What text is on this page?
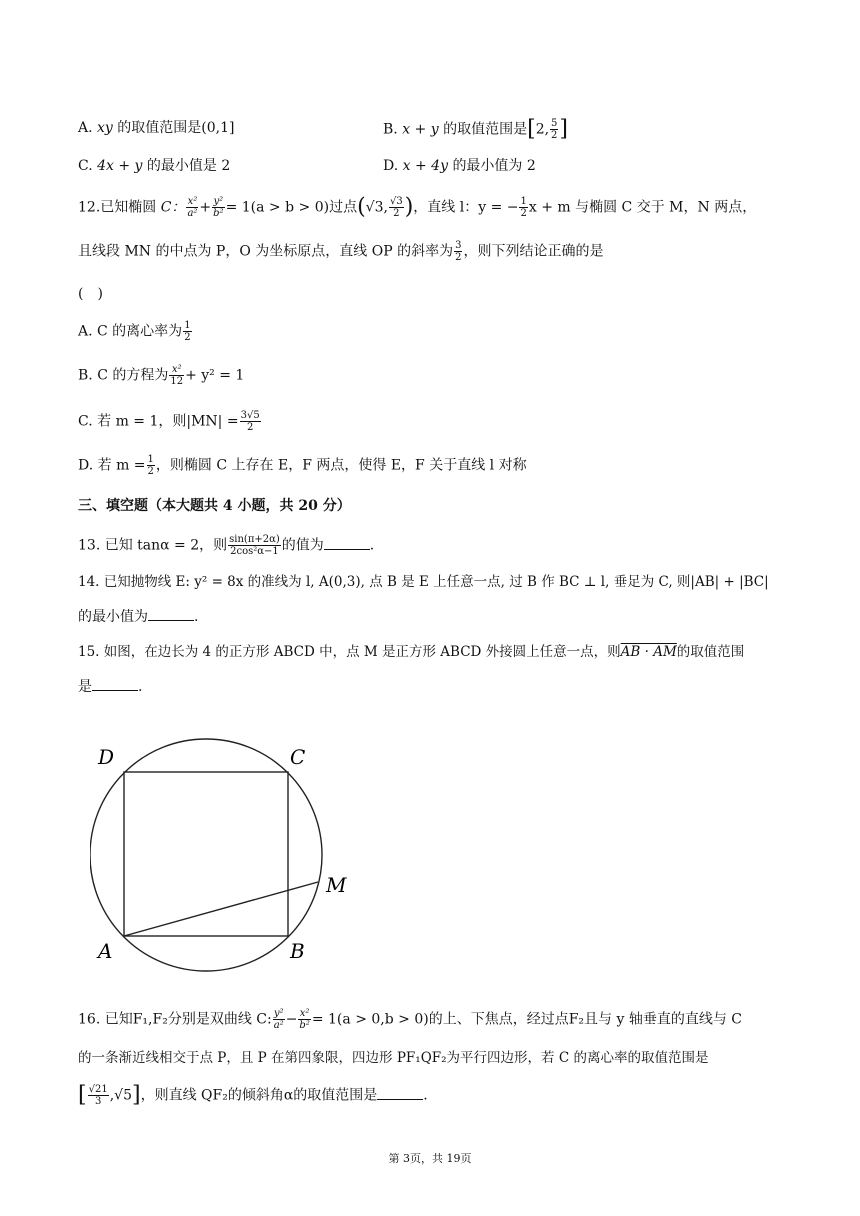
A. xy 的取值范围是(0,1]	B. x + y 的取值范围是[2, $\frac{5}{2}$ ]
C. 4x + y 的最小值是 2	D. x + 4y 的最小值为 2
12.已知椭圆 C： $\frac{\text{x²}}{\text{a²}} + \frac{\text{y²}}{\text{b²}} = 1(a > b > 0)$过点(√3, $\frac{√3}{2}$ )，直线 l：y = − $\frac{1}{2}$ x + m 与椭圆 C 交于 M，N 两点，
且线段 MN 的中点为 P，O 为坐标原点，直线 OP 的斜率为 $\frac{3}{2}$ ，则下列结论正确的是
(　)
A. C 的离心率为 $\frac{1}{2}$
B. C 的方程为 $\frac{\text{x²}}{12} + y^2 = 1$
C. 若 m = 1，则$|MN| = \frac{3√5}{2}$
D. 若 $m = \frac{1}{2}$ ，则椭圆 C 上存在 E，F 两点，使得 E，F 关于直线 l 对称
三、填空题（本大题共 4 小题，共 20 分）
13. 已知 tanα = 2，则 $\frac{\sin(\pi+2\alpha)}{\text{2cos²α−1}}$ 的值为	.
14. 已知抛物线 E: y² = 8x 的准线为 l, A(0,3), 点 B 是 E 上任意一点, 过 B 作 BC ⊥ l, 垂足为 C, 则|AB| + |BC|
的最小值为	.
15. 如图，在边长为 4 的正方形 ABCD 中，点 M 是正方形 ABCD 外接圆上任意一点，则AB · AM的取值范围
是	.
D	C
M
A	B
16. 已知F₁,F₂分别是双曲线 C: $\frac{\text{y²}}{\text{a²}} - \frac{\text{x²}}{\text{b²}} = 1(a > 0,b > 0)$的上、下焦点，经过点F₂且与 y 轴垂直的直线与 C
的一条渐近线相交于点 P，且 P 在第四象限，四边形 PF₁QF₂为平行四边形，若 C 的离心率的取值范围是
[ $\frac{√21}{3} ,√5$]，则直线 QF₂的倾斜角α的取值范围是	.
第 3页，共 19页
